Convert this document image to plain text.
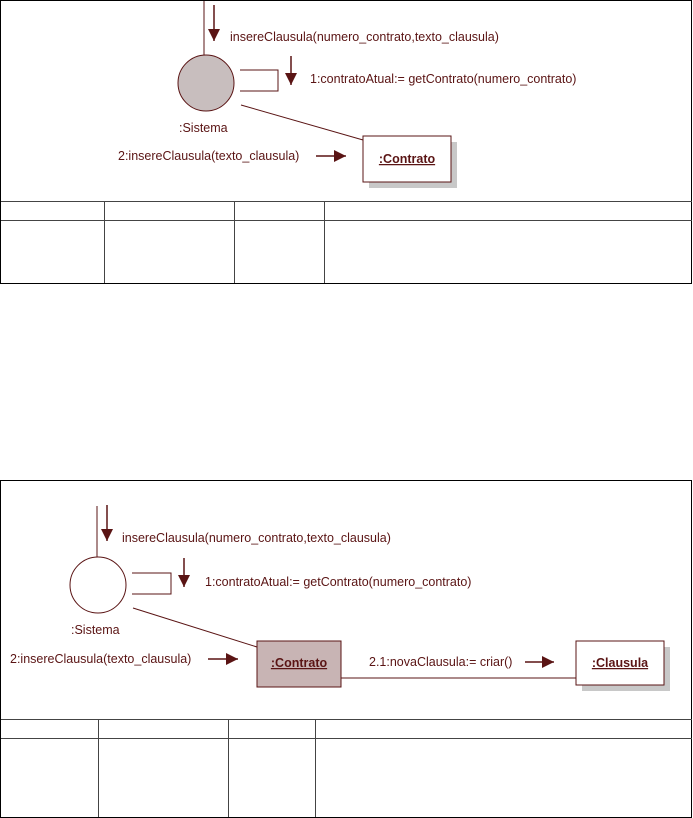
insereClausula(numero_contrato,texto_clausula)
:Sistema
1:contratoAtual:= getContrato(numero_contrato)
2:insereClausula(texto_clausula)	:Contrato

insereClausula(numero_contrato,texto_clausula)
:Sistema
1:contratoAtual:= getContrato(numero_contrato)
2:insereClausula(texto_clausula)	:Contrato	2.1:novaClausula:= criar()	:Clausula
